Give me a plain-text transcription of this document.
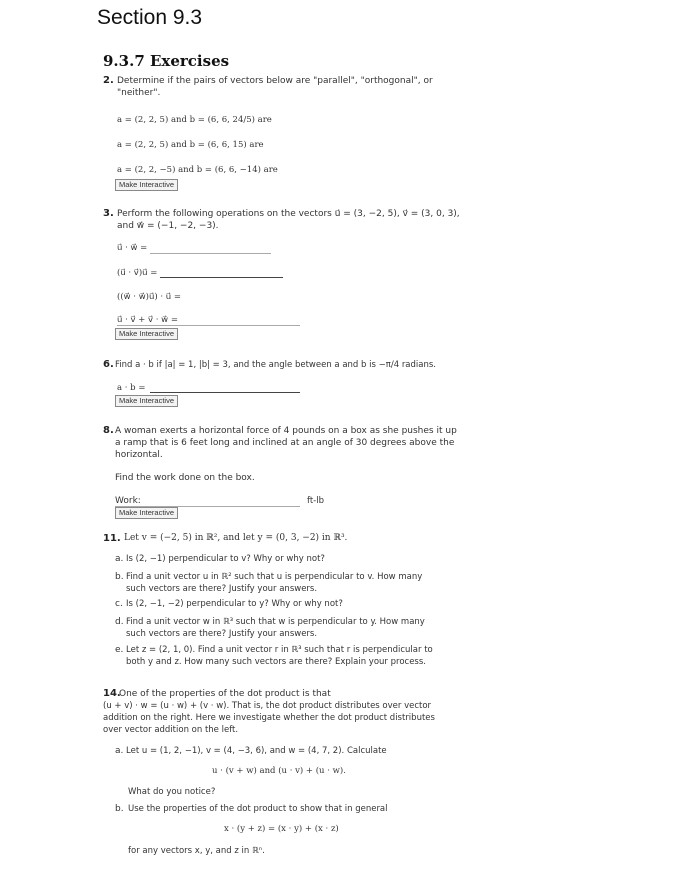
Section 9.3
9.3.7 Exercises
2. Determine if the pairs of vectors below are "parallel", "orthogonal", or
"neither".
a = (2, 2, 5) and b = (6, 6, 24/5) are
a = (2, 2, 5) and b = (6, 6, 15) are
a = (2, 2, −5) and b = (6, 6, −14) are
Make Interactive
3. Perform the following operations on the vectors u⃗ = (3, −2, 5), v⃗ = (3, 0, 3),
and w⃗ = (−1, −2, −3).
u⃗ · w⃗ =
(u⃗ · v⃗)u⃗ =
((w⃗ · w⃗)u⃗) · u⃗ =
u⃗ · v⃗ + v⃗ · w⃗ =
Make Interactive
6. Find a · b if |a| = 1, |b| = 3, and the angle between a and b is −π/4 radians.
a · b =
Make Interactive
8. A woman exerts a horizontal force of 4 pounds on a box as she pushes it up
a ramp that is 6 feet long and inclined at an angle of 30 degrees above the
horizontal.
Find the work done on the box.
Work:	ft-lb
Make Interactive
11. Let v = (−2, 5) in ℝ², and let y = (0, 3, −2) in ℝ³.
a. Is (2, −1) perpendicular to v? Why or why not?
b. Find a unit vector u in ℝ² such that u is perpendicular to v. How many
such vectors are there? Justify your answers.
c. Is (2, −1, −2) perpendicular to y? Why or why not?
d. Find a unit vector w in ℝ³ such that w is perpendicular to y. How many
such vectors are there? Justify your answers.
e. Let z = (2, 1, 0). Find a unit vector r in ℝ³ such that r is perpendicular to
both y and z. How many such vectors are there? Explain your process.
14.
One of the properties of the dot product is that
(u + v) · w = (u · w) + (v · w). That is, the dot product distributes over vector
addition on the right. Here we investigate whether the dot product distributes
over vector addition on the left.
a. Let u = (1, 2, −1), v = (4, −3, 6), and w = (4, 7, 2). Calculate
u · (v + w) and (u · v) + (u · w).
What do you notice?
b. Use the properties of the dot product to show that in general
x · (y + z) = (x · y) + (x · z)
for any vectors x, y, and z in ℝⁿ.
